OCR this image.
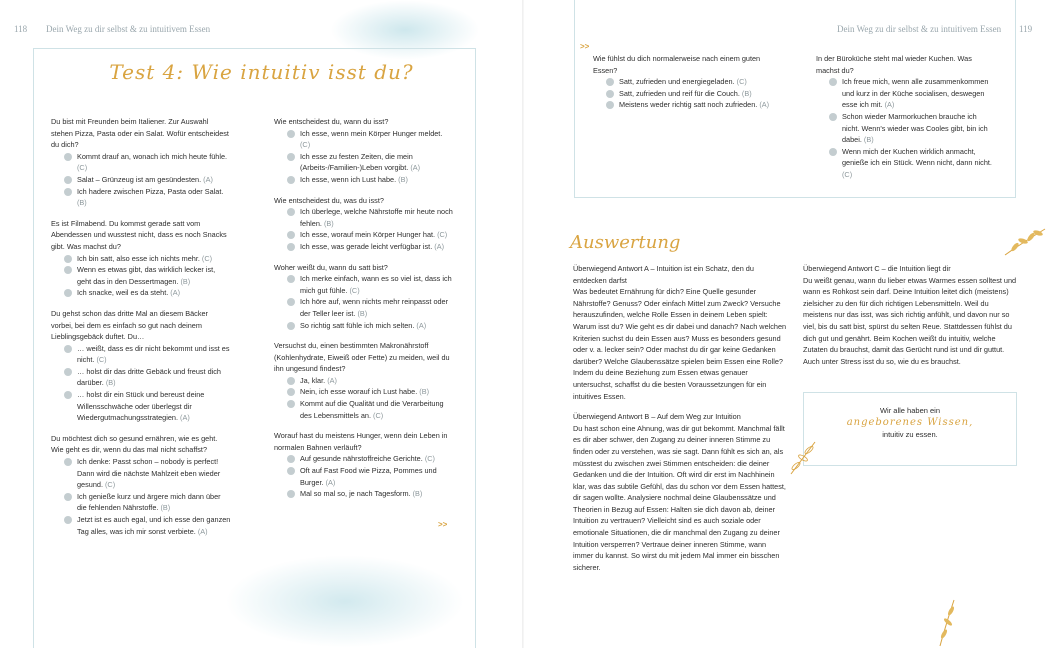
118 Dein Weg zu dir selbst & zu intuitivem Essen
Test 4: Wie intuitiv isst du?

Du bist mit Freunden beim Italiener. Zur Auswahl stehen Pizza, Pasta oder ein Salat. Wofür entscheidest du dich?

Kommt drauf an, wonach ich mich heute fühle. (C)
Salat – Grünzeug ist am gesündesten. (A)
Ich hadere zwischen Pizza, Pasta oder Salat. (B)

Es ist Filmabend. Du kommst gerade satt vom Abendessen und wusstest nicht, dass es noch Snacks gibt. Was machst du?

Ich bin satt, also esse ich nichts mehr. (C)
Wenn es etwas gibt, das wirklich lecker ist, geht das in den Dessertmagen. (B)
Ich snacke, weil es da steht. (A)

Du gehst schon das dritte Mal an diesem Bäcker vorbei, bei dem es einfach so gut nach deinem Lieblingsgebäck duftet. Du…

… weißt, dass es dir nicht bekommt und isst es nicht. (C)
… holst dir das dritte Gebäck und freust dich darüber. (B)
… holst dir ein Stück und bereust deine Willensschwäche oder überlegst dir Wiedergutmachungsstrategien. (A)

Du möchtest dich so gesund ernähren, wie es geht. Wie geht es dir, wenn du das mal nicht schaffst?

Ich denke: Passt schon – nobody is perfect! Dann wird die nächste Mahlzeit eben wieder gesund. (C)
Ich genieße kurz und ärgere mich dann über die fehlenden Nährstoffe. (B)
Jetzt ist es auch egal, und ich esse den ganzen Tag alles, was ich mir sonst verbiete. (A)

Wie entscheidest du, wann du isst?

Ich esse, wenn mein Körper Hunger meldet. (C)
Ich esse zu festen Zeiten, die mein (Arbeits-/Familien-)Leben vorgibt. (A)
Ich esse, wenn ich Lust habe. (B)

Wie entscheidest du, was du isst?

Ich überlege, welche Nährstoffe mir heute noch fehlen. (B)
Ich esse, worauf mein Körper Hunger hat. (C)
Ich esse, was gerade leicht verfügbar ist. (A)

Woher weißt du, wann du satt bist?

Ich merke einfach, wann es so viel ist, dass ich mich gut fühle. (C)
Ich höre auf, wenn nichts mehr reinpasst oder der Teller leer ist. (B)
So richtig satt fühle ich mich selten. (A)

Versuchst du, einen bestimmten Makronährstoff (Kohlenhydrate, Eiweiß oder Fette) zu meiden, weil du ihn ungesund findest?

Ja, klar. (A)
Nein, ich esse worauf ich Lust habe. (B)
Kommt auf die Qualität und die Verarbeitung des Lebensmittels an. (C)

Worauf hast du meistens Hunger, wenn dein Leben in normalen Bahnen verläuft?

Auf gesunde nährstoffreiche Gerichte. (C)
Oft auf Fast Food wie Pizza, Pommes und Burger. (A)
Mal so mal so, je nach Tagesform. (B)
>>
Dein Weg zu dir selbst & zu intuitivem Essen 119
>>

Wie fühlst du dich normalerweise nach einem guten Essen?

Satt, zufrieden und energiegeladen. (C)
Satt, zufrieden und reif für die Couch. (B)
Meistens weder richtig satt noch zufrieden. (A)

In der Büroküche steht mal wieder Kuchen. Was machst du?

Ich freue mich, wenn alle zusammenkommen und kurz in der Küche socialisen, deswegen esse ich mit. (A)
Schon wieder Marmorkuchen brauche ich nicht. Wenn's wieder was Cooles gibt, bin ich dabei. (B)
Wenn mich der Kuchen wirklich anmacht, genieße ich ein Stück. Wenn nicht, dann nicht. (C)
Auswertung

Überwiegend Antwort A – Intuition ist ein Schatz, den du entdecken darfst
Was bedeutet Ernährung für dich? Eine Quelle gesunder Nährstoffe? Genuss? Oder einfach Mittel zum Zweck? Versuche herauszufinden, welche Rolle Essen in deinem Leben spielt: Warum isst du? Wie geht es dir dabei und danach? Nach welchen Kriterien suchst du dein Essen aus? Muss es besonders gesund oder v. a. lecker sein? Oder machst du dir gar keine Gedanken darüber? Welche Glaubenssätze spielen beim Essen eine Rolle? Indem du deine Beziehung zum Essen etwas genauer untersuchst, schaffst du die besten Voraussetzungen für ein intuitives Essen.

Überwiegend Antwort B – Auf dem Weg zur Intuition
Du hast schon eine Ahnung, was dir gut bekommt. Manchmal fällt es dir aber schwer, den Zugang zu deiner inneren Stimme zu finden oder zu verstehen, was sie sagt. Dann fühlt es sich an, als müsstest du zwischen zwei Stimmen entscheiden: die deiner Gedanken und die der Intuition. Oft wird dir erst im Nachhinein klar, was das subtile Gefühl, das du schon vor dem Essen hattest, dir sagen wollte. Analysiere nochmal deine Glaubenssätze und Theorien in Bezug auf Essen: Halten sie dich davon ab, deiner Intuition zu vertrauen? Vielleicht sind es auch soziale oder emotionale Situationen, die dir manchmal den Zugang zu deiner Intuition versperren? Vertraue deiner inneren Stimme, wann immer du kannst. So wirst du mit jedem Mal immer ein bisschen sicherer.

Überwiegend Antwort C – die Intuition liegt dir
Du weißt genau, wann du lieber etwas Warmes essen solltest und wann es Rohkost sein darf. Deine Intuition leitet dich (meistens) zielsicher zu den für dich richtigen Lebensmitteln. Weil du meistens nur das isst, was sich richtig anfühlt, und davon nur so viel, bis du satt bist, spürst du selten Reue. Stattdessen fühlst du dich gut und genährt. Beim Kochen weißt du intuitiv, welche Zutaten du brauchst, damit das Gerücht rund ist und dir guttut. Auch unter Stress isst du so, wie du es brauchst.

Wir alle haben ein
angeborenes Wissen,
intuitiv zu essen.
